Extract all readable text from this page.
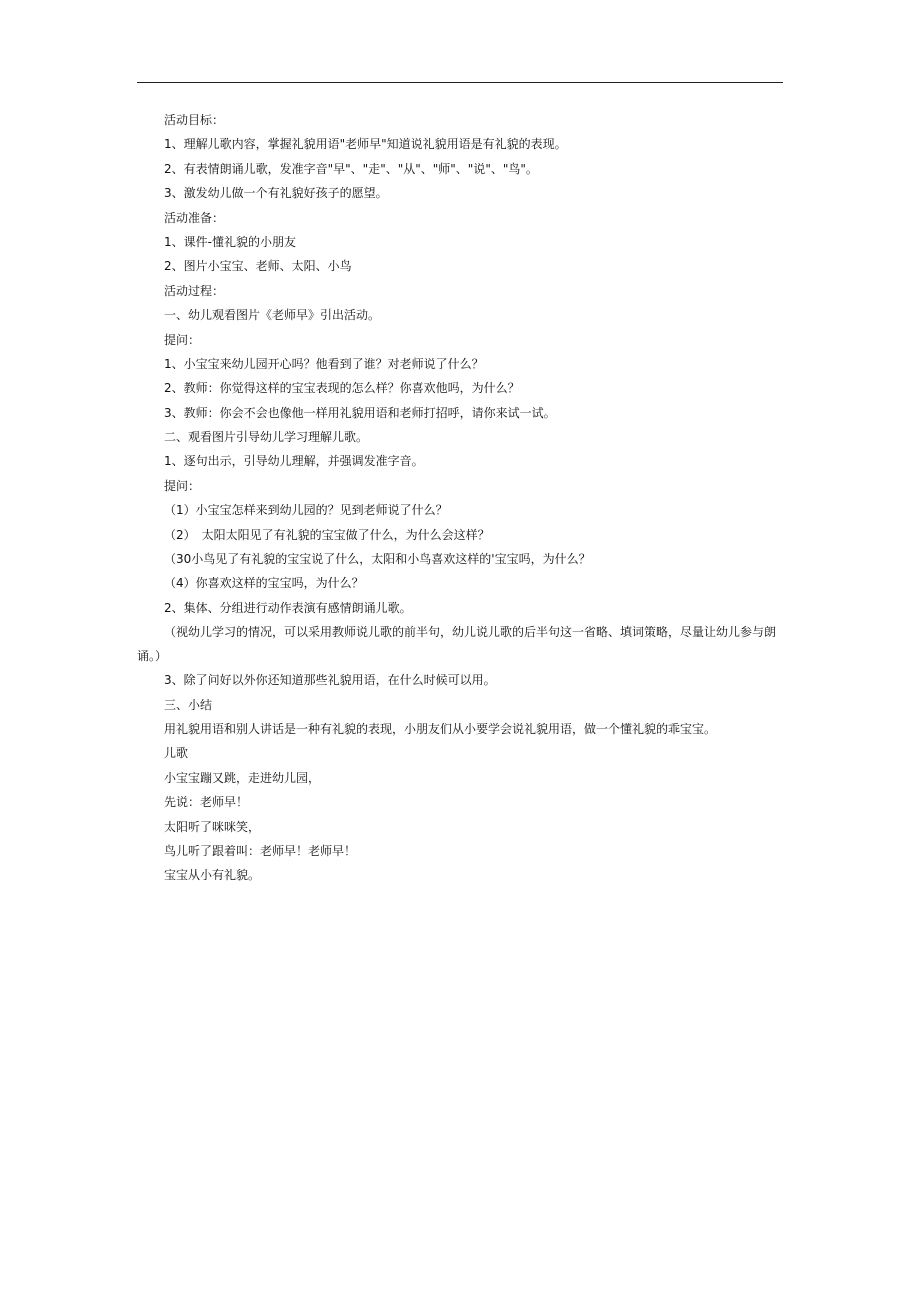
活动目标：
1、理解儿歌内容，掌握礼貌用语"老师早"知道说礼貌用语是有礼貌的表现。
2、有表情朗诵儿歌，发准字音"早"、"走"、"从"、"师"、"说"、"鸟"。
3、激发幼儿做一个有礼貌好孩子的愿望。
活动准备：
1、课件-懂礼貌的小朋友
2、图片小宝宝、老师、太阳、小鸟
活动过程：
一、幼儿观看图片《老师早》引出活动。
提问：
1、小宝宝来幼儿园开心吗？他看到了谁？对老师说了什么？
2、教师：你觉得这样的宝宝表现的怎么样？你喜欢他吗，为什么？
3、教师：你会不会也像他一样用礼貌用语和老师打招呼，请你来试一试。
二、观看图片引导幼儿学习理解儿歌。
1、逐句出示，引导幼儿理解，并强调发准字音。
提问：
（1）小宝宝怎样来到幼儿园的？见到老师说了什么？
（2）　太阳太阳见了有礼貌的宝宝做了什么，为什么会这样？
（30小鸟见了有礼貌的宝宝说了什么，太阳和小鸟喜欢这样的'宝宝吗，为什么？
（4）你喜欢这样的宝宝吗，为什么？
2、集体、分组进行动作表演有感情朗诵儿歌。
（视幼儿学习的情况，可以采用教师说儿歌的前半句，幼儿说儿歌的后半句这一省略、填词策略，尽量让幼儿参与朗诵。）
3、除了问好以外你还知道那些礼貌用语，在什么时候可以用。
三、小结
用礼貌用语和别人讲话是一种有礼貌的表现，小朋友们从小要学会说礼貌用语，做一个懂礼貌的乖宝宝。
儿歌
小宝宝蹦又跳，走进幼儿园，
先说：老师早！
太阳听了咪咪笑，
鸟儿听了跟着叫：老师早！老师早！
宝宝从小有礼貌。
